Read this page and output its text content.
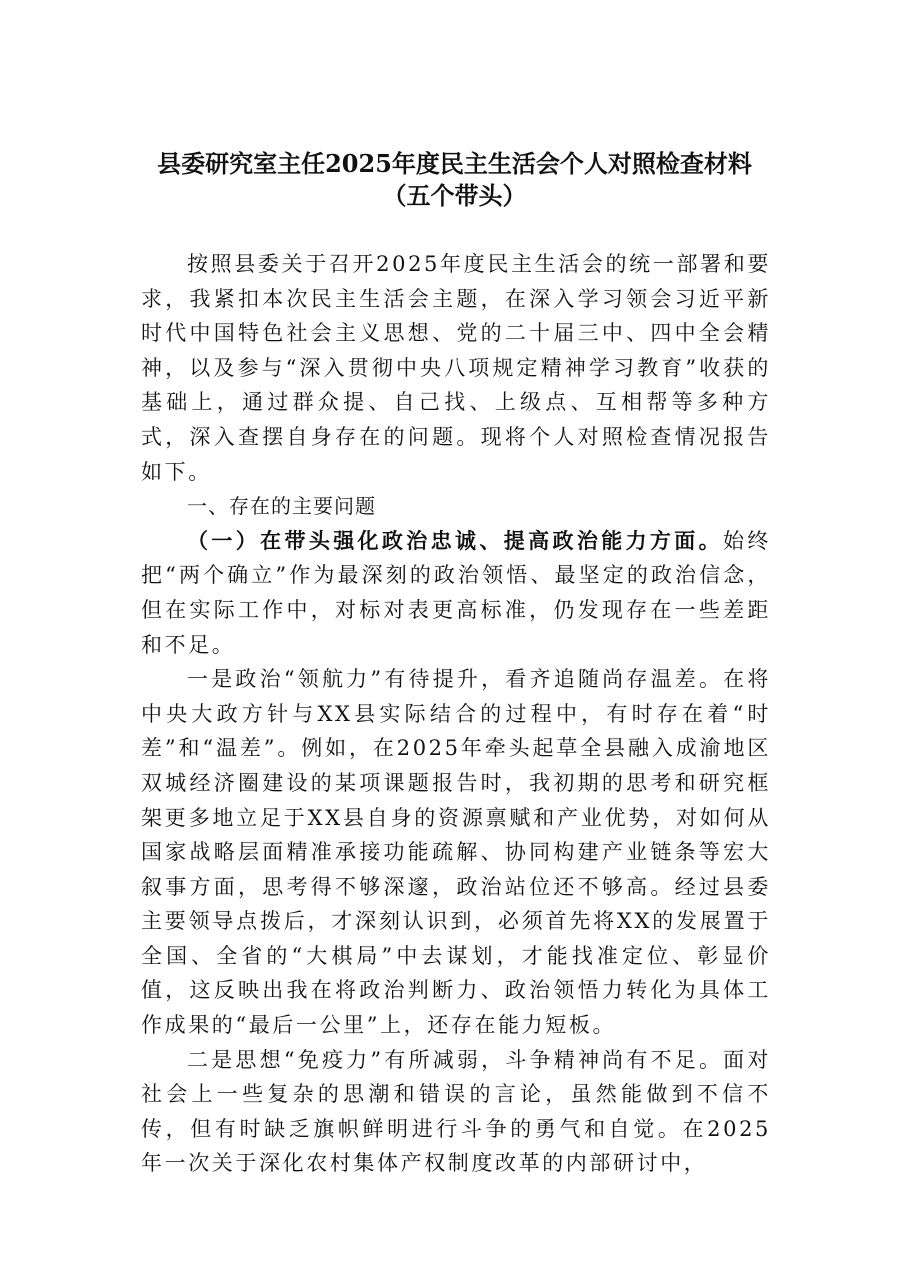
县委研究室主任2025年度民主生活会个人对照检查材料
（五个带头）

按照县委关于召开2025年度民主生活会的统一部署和要求，我紧扣本次民主生活会主题，在深入学习领会习近平新时代中国特色社会主义思想、党的二十届三中、四中全会精神，以及参与“深入贯彻中央八项规定精神学习教育”收获的基础上，通过群众提、自己找、上级点、互相帮等多种方式，深入查摆自身存在的问题。现将个人对照检查情况报告如下。

一、存在的主要问题

（一）在带头强化政治忠诚、提高政治能力方面。始终把“两个确立”作为最深刻的政治领悟、最坚定的政治信念，但在实际工作中，对标对表更高标准，仍发现存在一些差距和不足。

一是政治“领航力”有待提升，看齐追随尚存温差。在将中央大政方针与XX县实际结合的过程中，有时存在着“时差”和“温差”。例如，在2025年牵头起草全县融入成渝地区双城经济圈建设的某项课题报告时，我初期的思考和研究框架更多地立足于XX县自身的资源禀赋和产业优势，对如何从国家战略层面精准承接功能疏解、协同构建产业链条等宏大叙事方面，思考得不够深邃，政治站位还不够高。经过县委主要领导点拨后，才深刻认识到，必须首先将XX的发展置于全国、全省的“大棋局”中去谋划，才能找准定位、彰显价值，这反映出我在将政治判断力、政治领悟力转化为具体工作成果的“最后一公里”上，还存在能力短板。

二是思想“免疫力”有所减弱，斗争精神尚有不足。面对社会上一些复杂的思潮和错误的言论，虽然能做到不信不传，但有时缺乏旗帜鲜明进行斗争的勇气和自觉。在2025年一次关于深化农村集体产权制度改革的内部研讨中，
